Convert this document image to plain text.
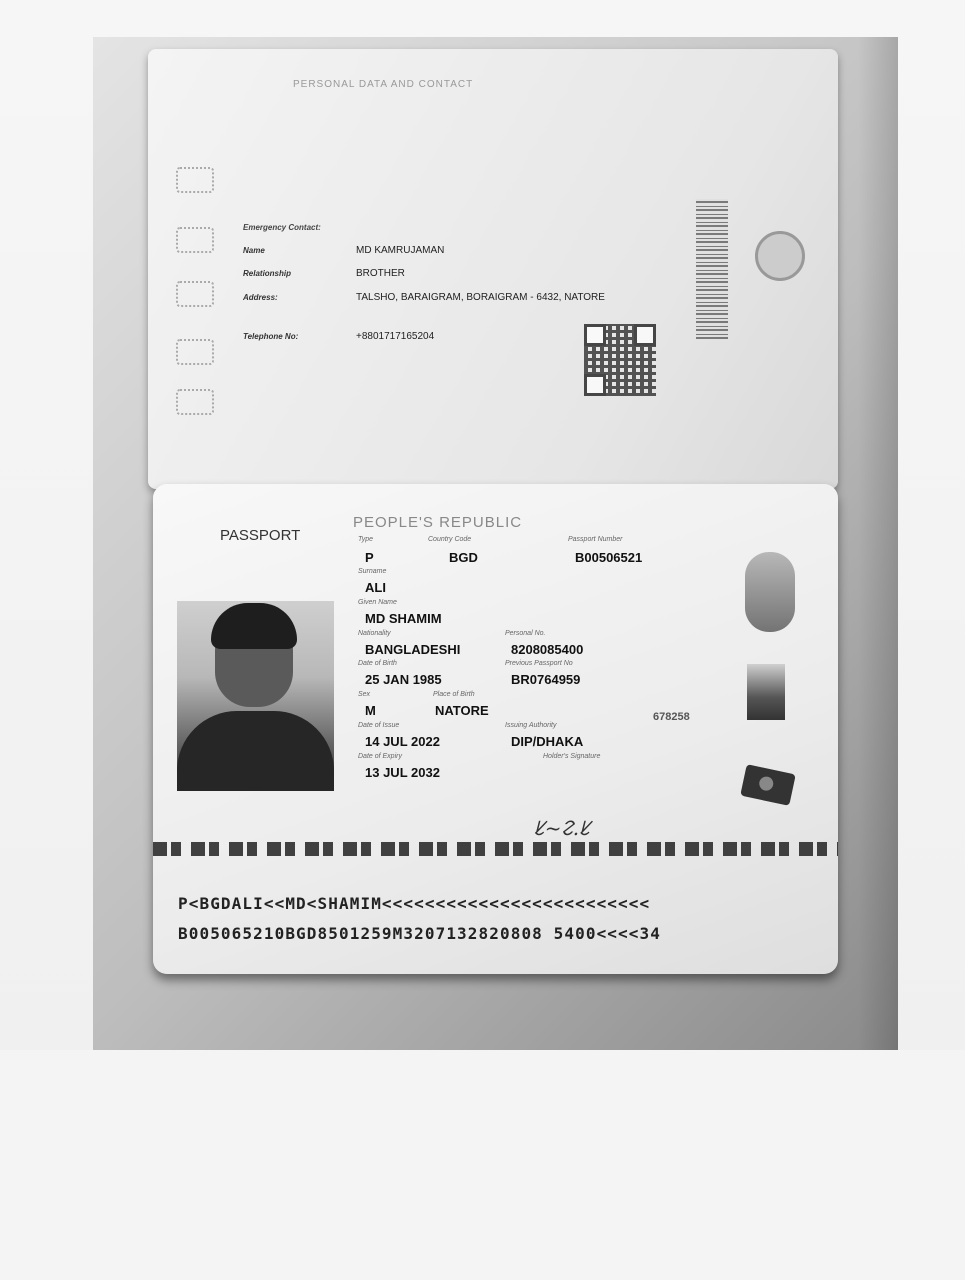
PERSONAL DATA AND CONTACT
Emergency Contact:
Name	MD KAMRUJAMAN
Relationship	BROTHER
Address:	TALSHO, BARAIGRAM, BORAIGRAM - 6432, NATORE
Telephone No:	+8801717165204
PASSPORT
PEOPLE'S REPUBLIC
Type	Country Code	Passport Number
P	BGD	B00506521
Surname
ALI
Given Name
MD SHAMIM
Nationality	Personal No.
BANGLADESHI	8208085400
Date of Birth	Previous Passport No
25 JAN 1985	BR0764959
Sex	Place of Birth
M	NATORE	678258
Date of Issue	Issuing Authority
14 JUL 2022	DIP/DHAKA
Date of Expiry	Holder's Signature
13 JUL 2032
ᱥ~ᱮᱹᱥ
P<BGDALI<<MD<SHAMIM<<<<<<<<<<<<<<<<<<<<<<<<<
B005065210BGD8501259M3207132820808 5400<<<<34
